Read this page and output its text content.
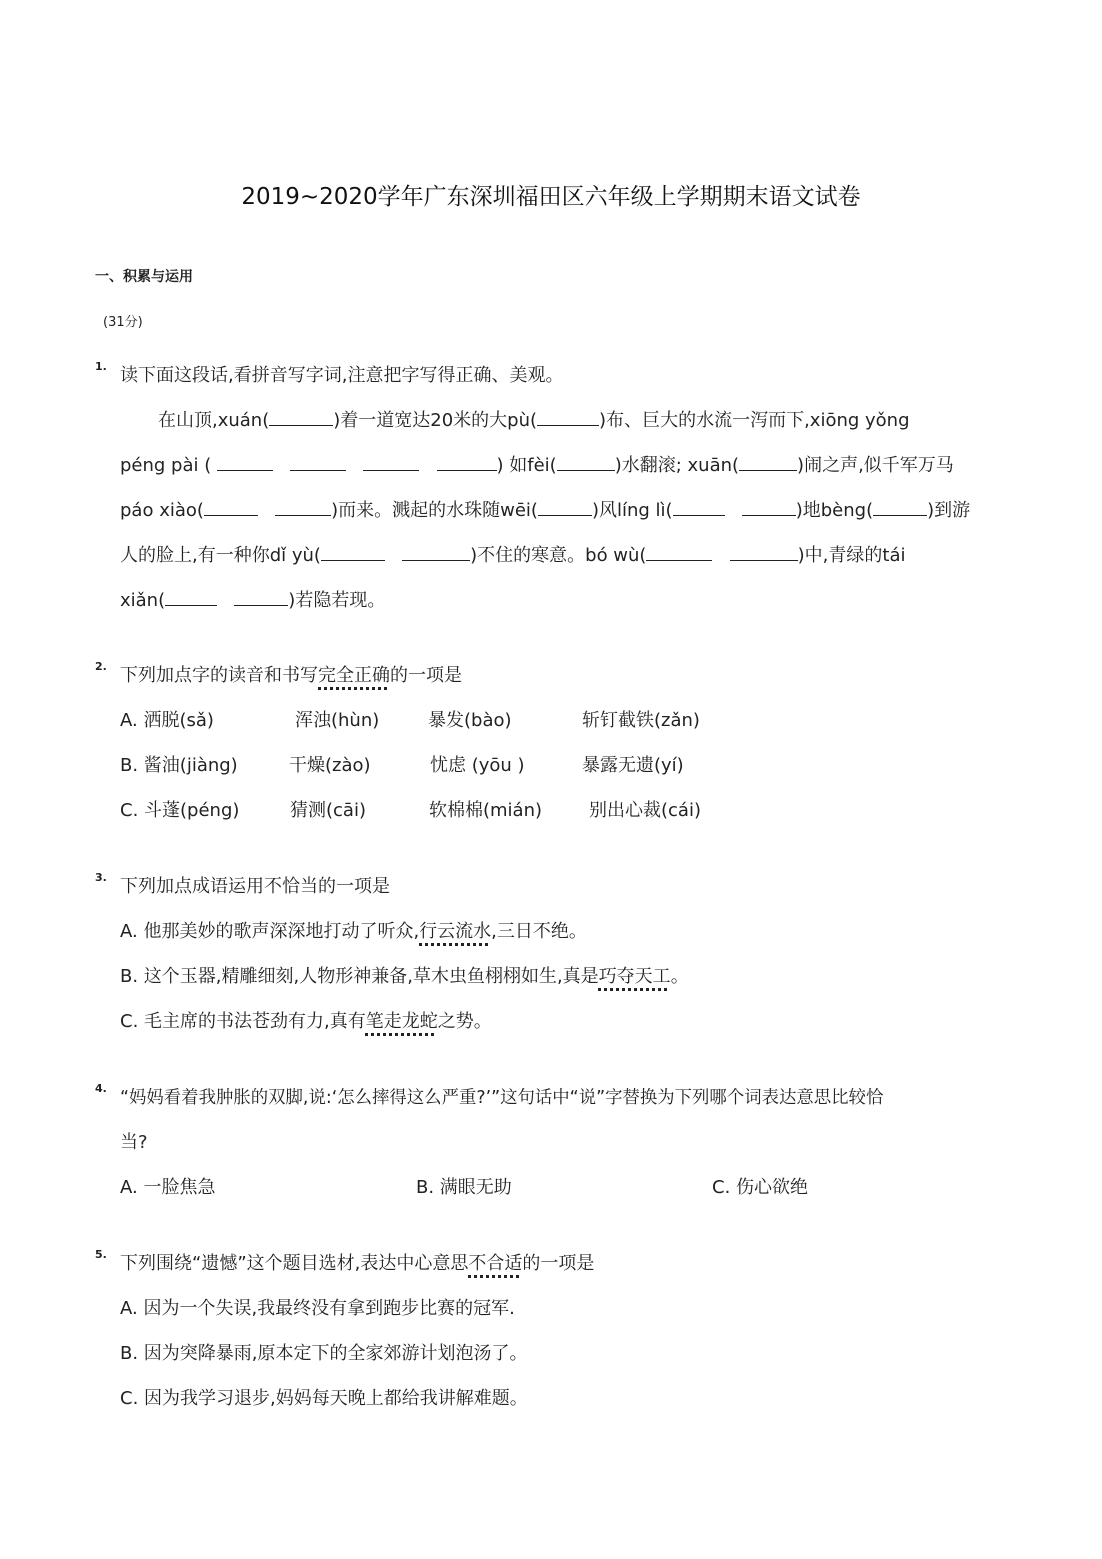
2019~2020学年广东深圳福田区六年级上学期期末语文试卷
一、积累与运用
(31分)
1. 读下面这段话,看拼音写字词,注意把字写得正确、美观。
在山顶,xuán(	)着一道宽达20米的大pù(	)布、巨大的水流一泻而下,xiōng yǒng
péng pài (	) 如fèi(	)水翻滚; xuān(	)闹之声,似千军万马
páo xiào(	)而来。溅起的水珠随wēi(	)风líng lì(	)地bèng(	)到游
人的脸上,有一种你dǐ yù(	)不住的寒意。bó wù(	)中,青绿的tái
xiǎn(	)若隐若现。
2. 下列加点字的读音和书写完全正确的一项是
A. 洒脱(sǎ)	浑浊(hùn)	暴发(bào)	斩钉截铁(zǎn)
B. 酱油(jiàng)	干燥(zào)	忧虑 (yōu )	暴露无遗(yí)
C. 斗蓬(péng)	猜测(cāi)	软棉棉(mián)	别出心裁(cái)
3. 下列加点成语运用不恰当的一项是
A. 他那美妙的歌声深深地打动了听众,行云流水,三日不绝。
B. 这个玉器,精雕细刻,人物形神兼备,草木虫鱼栩栩如生,真是巧夺天工。
C. 毛主席的书法苍劲有力,真有笔走龙蛇之势。
4. “妈妈看着我肿胀的双脚,说:‘怎么摔得这么严重?’”这句话中“说”字替换为下列哪个词表达意思比较恰
当?
A. 一脸焦急	B. 满眼无助	C. 伤心欲绝
5. 下列围绕“遗憾”这个题目选材,表达中心意思不合适的一项是
A. 因为一个失误,我最终没有拿到跑步比赛的冠军.
B. 因为突降暴雨,原本定下的全家郊游计划泡汤了。
C. 因为我学习退步,妈妈每天晚上都给我讲解难题。
